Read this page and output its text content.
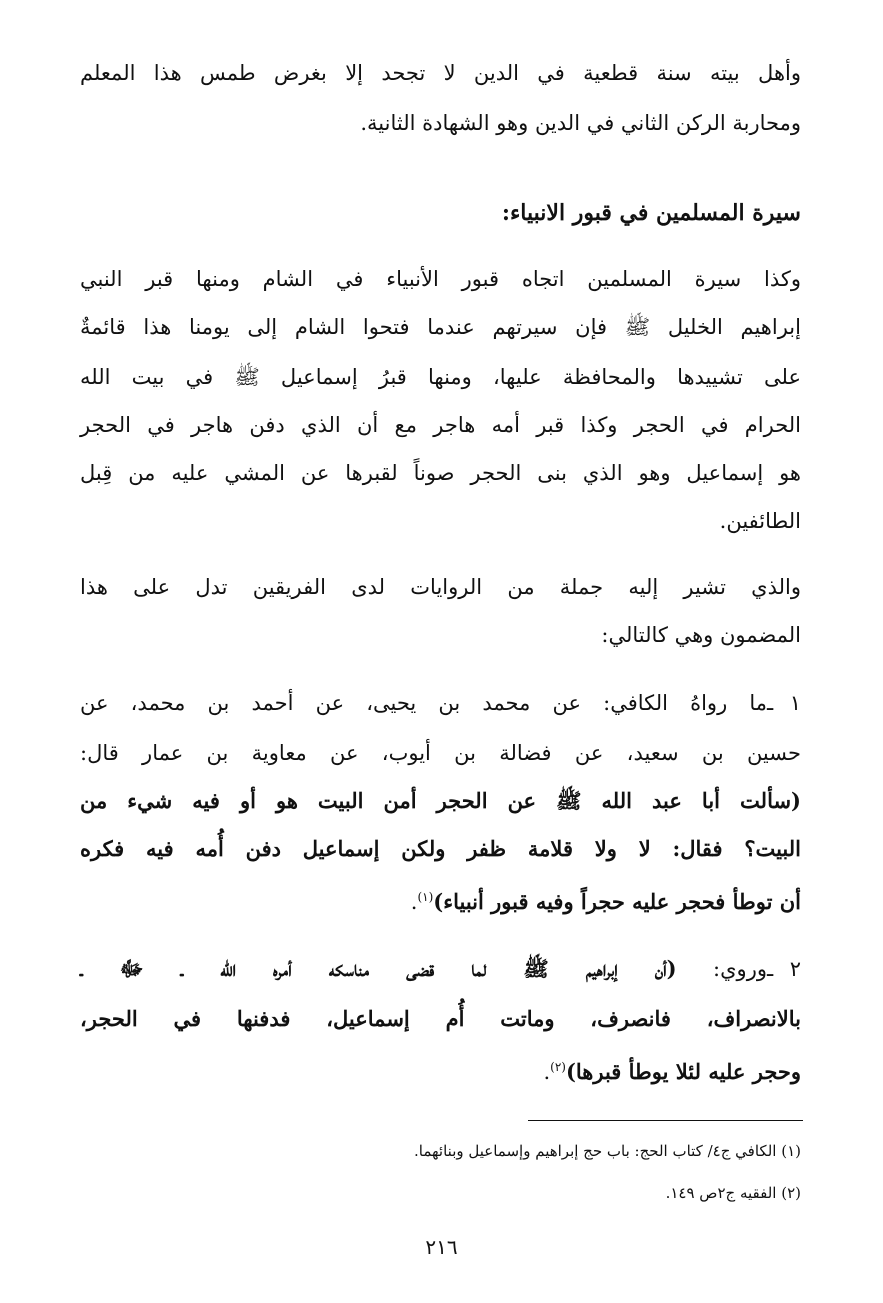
وأهل بيته سنة قطعية في الدين لا تجحد إلا بغرض طمس هذا المعلم

ومحاربة الركن الثاني في الدين وهو الشهادة الثانية.

سيرة المسلمين في قبور الانبياء:

وكذا سيرة المسلمين اتجاه قبور الأنبياء في الشام ومنها قبر النبي

إبراهيم الخليل ﷺ فإن سيرتهم عندما فتحوا الشام إلى يومنا هذا قائمةٌ

على تشييدها والمحافظة عليها، ومنها قبرُ إسماعيل ﷺ في بيت الله

الحرام في الحجر وكذا قبر أمه هاجر مع أن الذي دفن هاجر في الحجر

هو إسماعيل وهو الذي بنى الحجر صوناً لقبرها عن المشي عليه من قِبل

الطائفين.

والذي تشير إليه جملة من الروايات لدى الفريقين تدل على هذا

المضمون وهي كالتالي:

١ ـما رواهُ الكافي: عن محمد بن يحيى، عن أحمد بن محمد، عن

حسين بن سعيد، عن فضالة بن أيوب، عن معاوية بن عمار قال:

(سألت أبا عبد الله ﷺ عن الحجر أمن البيت هو أو فيه شيء من

البيت؟ فقال: لا ولا قلامة ظفر ولكن إسماعيل دفن أُمه فيه فكره

أن توطأ فحجر عليه حجراً وفيه قبور أنبياء)$^{(١)}$.

٢ ـوروي: (أن إبراهيم ﷺ لما قضى مناسكه أمره الله ـ ﷻ ـ

بالانصراف، فانصرف، وماتت أُم إسماعيل، فدفنها في الحجر،

وحجر عليه لئلا يوطأ قبرها)$^{(٢)}$.

(١) الكافي ج٤/ كتاب الحج: باب حج إبراهيم وإسماعيل وبنائهما.
(٢) الفقيه ج٢ص ١٤٩.
٢١٦
